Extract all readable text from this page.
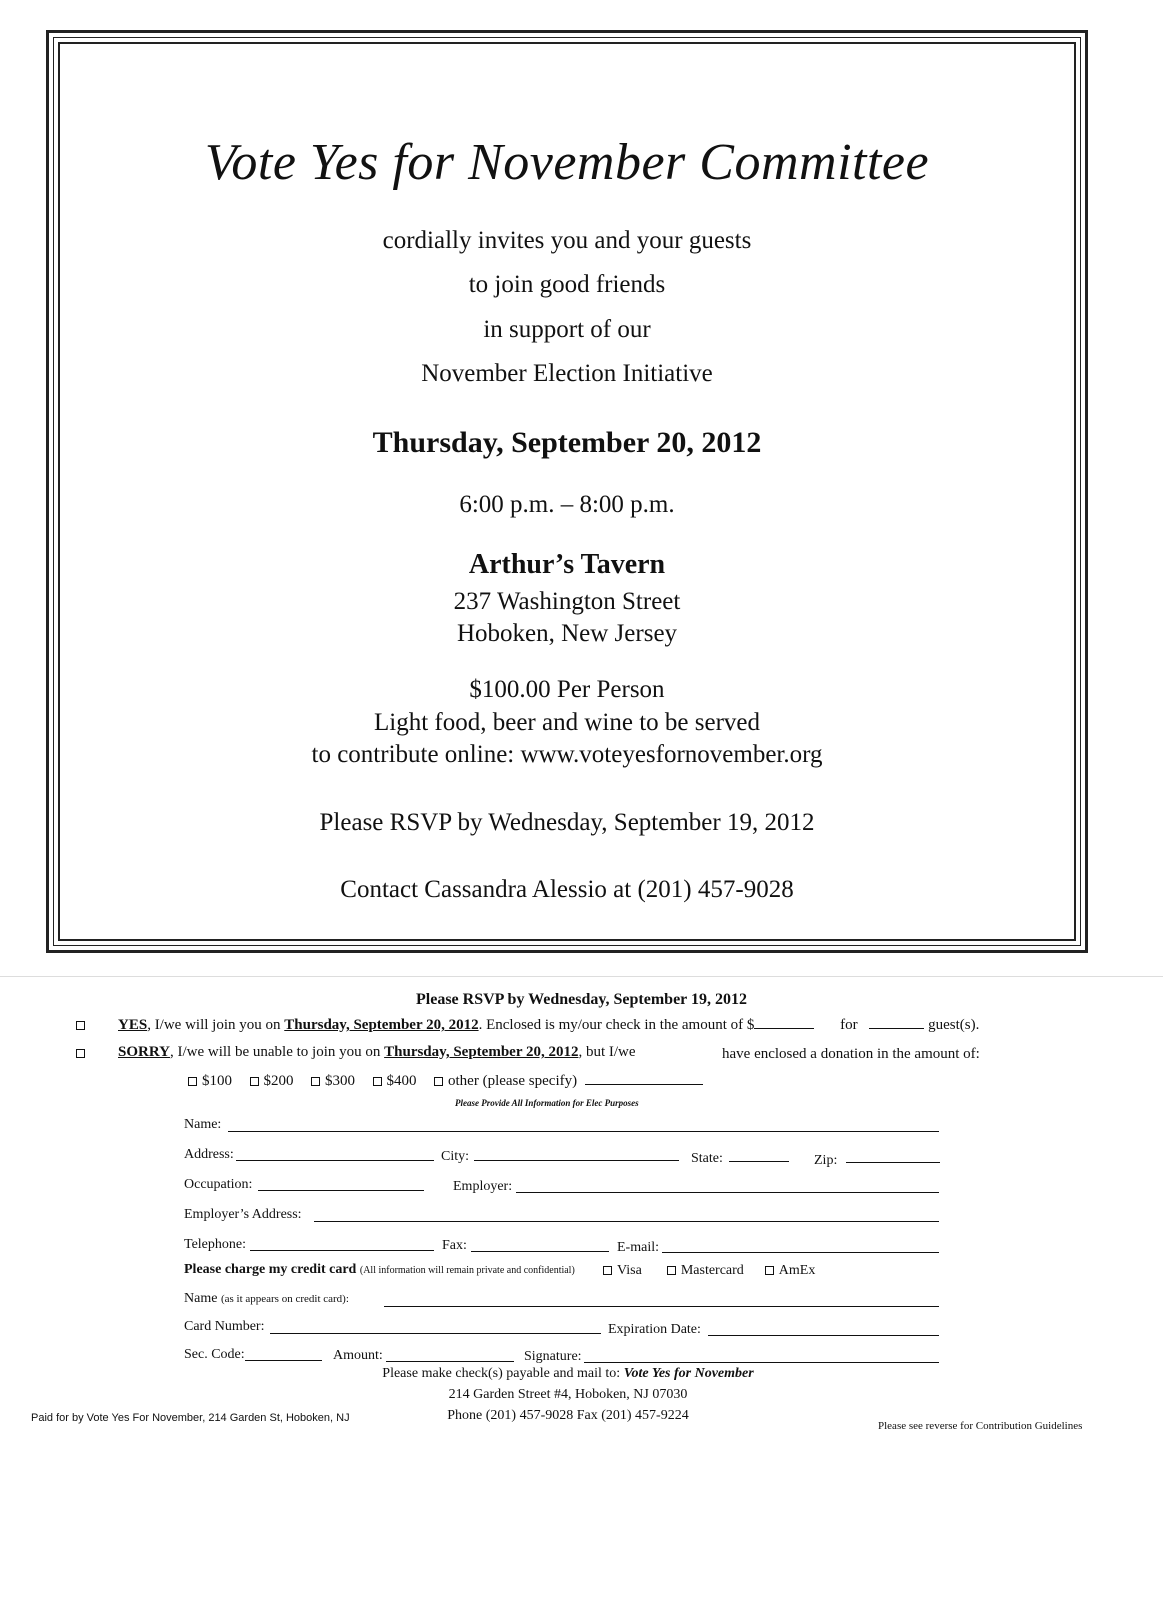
Vote Yes for November Committee
cordially invites you and your guests
to join good friends
in support of our
November Election Initiative
Thursday, September 20, 2012
6:00 p.m. – 8:00 p.m.
Arthur’s Tavern
237 Washington Street
Hoboken, New Jersey
$100.00 Per Person
Light food, beer and wine to be served
to contribute online: www.voteyesfornovember.org
Please RSVP by Wednesday, September 19, 2012
Contact Cassandra Alessio at (201) 457-9028
Please RSVP by Wednesday, September 19, 2012
YES, I/we will join you on Thursday, September 20, 2012. Enclosed is my/our check in the amount of $	for	guest(s).
SORRY, I/we will be unable to join you on Thursday, September 20, 2012, but I/we	have enclosed a donation in the amount of:
$100 $200 $300 $400 other (please specify)
Please Provide All Information for Elec Purposes
Name:
Address:	City:	State:	Zip:
Occupation:	Employer:
Employer’s Address:
Telephone:	Fax:	E-mail:
Please charge my credit card (All information will remain private and confidential)	Visa	Mastercard	AmEx
Name (as it appears on credit card):
Card Number:	Expiration Date:
Sec. Code:	Amount:	Signature:
Please make check(s) payable and mail to: Vote Yes for November
214 Garden Street #4, Hoboken, NJ 07030
Phone (201) 457-9028 Fax (201) 457-9224
Paid for by Vote Yes For November, 214 Garden St, Hoboken, NJ
Please see reverse for Contribution Guidelines
